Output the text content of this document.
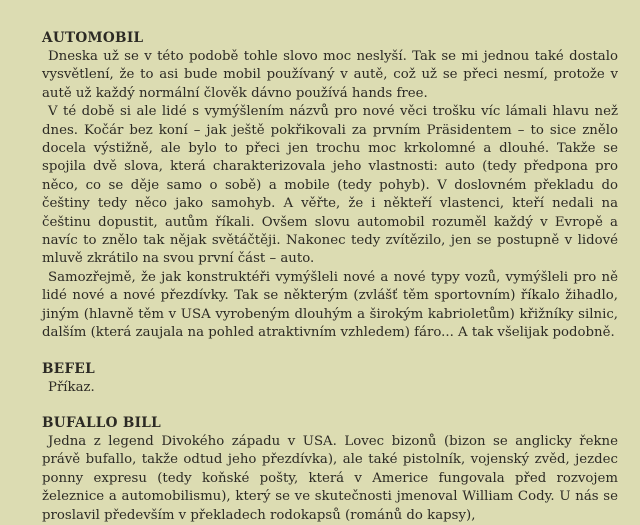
AUTOMOBIL

Dneska už se v této podobě tohle slovo moc neslyší. Tak se mi jednou také dostalo vysvětlení, že to asi bude mobil používaný v autě, což už se přeci nesmí, protože v autě už každý normální člověk dávno používá hands free.

V té době si ale lidé s vymýšlením názvů pro nové věci trošku víc lámali hlavu než dnes. Kočár bez koní – jak ještě pokřikovali za prvním Präsidentem – to sice znělo docela výstižně, ale bylo to přeci jen trochu moc krkolomné a dlouhé. Takže se spojila dvě slova, která charakterizovala jeho vlastnosti: auto (tedy předpona pro něco, co se děje samo o sobě) a mobile (tedy pohyb). V doslovném překladu do češtiny tedy něco jako samohyb. A věřte, že i někteří vlastenci, kteří nedali na češtinu dopustit, autům říkali. Ovšem slovu automobil rozuměl každý v Evropě a navíc to znělo tak nějak světáčtěji. Nakonec tedy zvítězilo, jen se postupně v lidové mluvě zkrátilo na svou první část – auto.

Samozřejmě, že jak konstruktéři vymýšleli nové a nové typy vozů, vymýšleli pro ně lidé nové a nové přezdívky. Tak se některým (zvlášť těm sportovním) říkalo žihadlo, jiným (hlavně těm v USA vyrobeným dlouhým a širokým kabrioletům) křižníky silnic, dalším (která zaujala na pohled atraktivním vzhledem) fáro... A tak všelijak podobně.

BEFEL

Příkaz.

BUFALLO BILL

Jedna z legend Divokého západu v USA. Lovec bizonů (bizon se anglicky řekne právě bufallo, takže odtud jeho přezdívka), ale také pistolník, vojenský zvěd, jezdec ponny expresu (tedy koňské pošty, která v Americe fungovala před rozvojem železnice a automobilismu), který se ve skutečnosti jmenoval William Cody. U nás se proslavil především v překladech rodokapsů (románů do kapsy),
